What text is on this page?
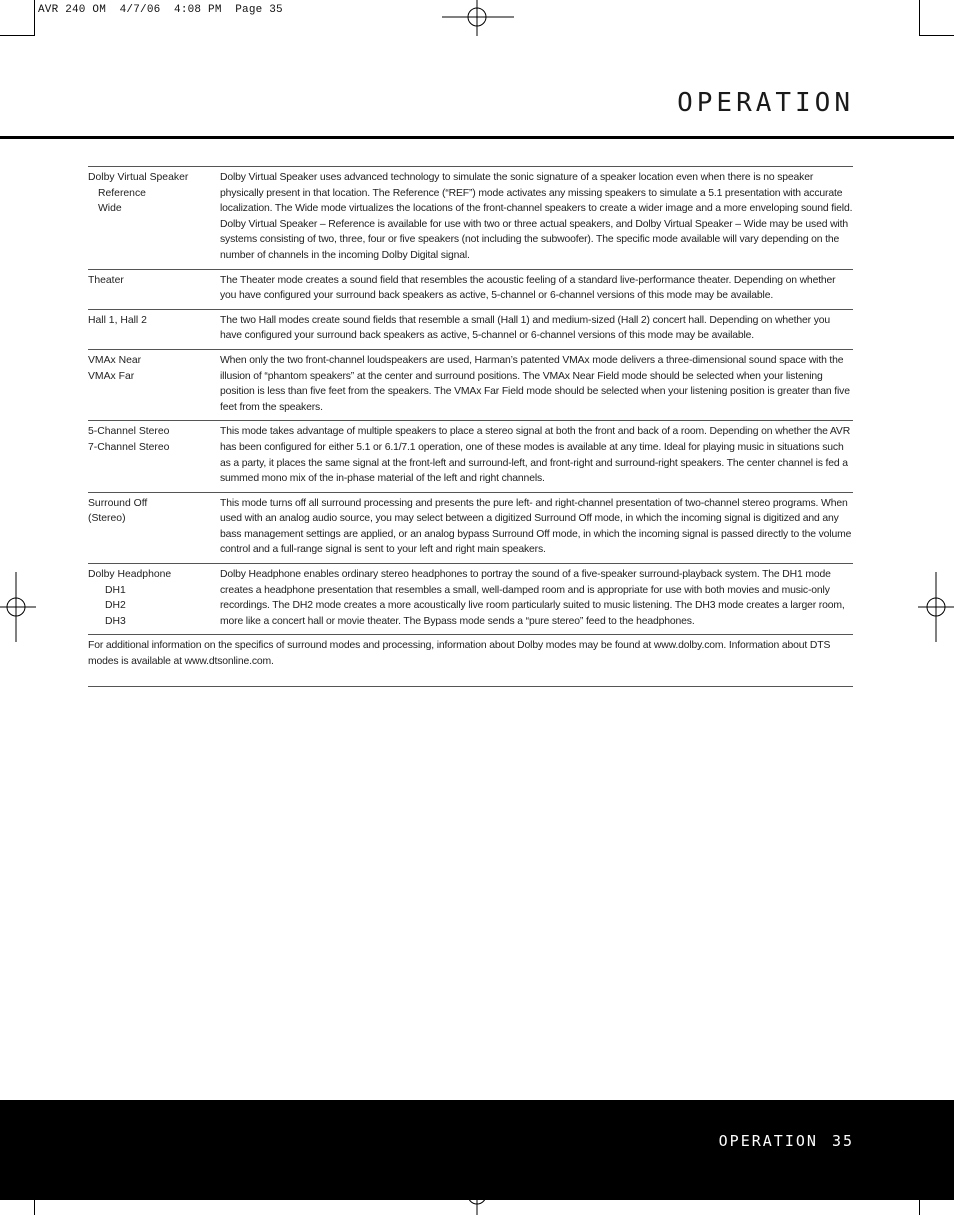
AVR 240 OM  4/7/06  4:08 PM  Page 35
OPERATION
Dolby Virtual Speaker
Reference
Wide
Dolby Virtual Speaker uses advanced technology to simulate the sonic signature of a speaker location even when there is no speaker physically present in that location. The Reference (“REF”) mode activates any missing speakers to simulate a 5.1 presentation with accurate localization. The Wide mode virtualizes the locations of the front-channel speakers to create a wider image and a more enveloping sound field. Dolby Virtual Speaker – Reference is available for use with two or three actual speakers, and Dolby Virtual Speaker – Wide may be used with systems consisting of two, three, four or five speakers (not including the subwoofer). The specific mode available will vary depending on the number of channels in the incoming Dolby Digital signal.
Theater	The Theater mode creates a sound field that resembles the acoustic feeling of a standard live-performance theater. Depending on whether you have configured your surround back speakers as active, 5-channel or 6-channel versions of this mode may be available.
Hall 1, Hall 2	The two Hall modes create sound fields that resemble a small (Hall 1) and medium-sized (Hall 2) concert hall. Depending on whether you have configured your surround back speakers as active, 5-channel or 6-channel versions of this mode may be available.
VMAx Near
VMAx Far
When only the two front-channel loudspeakers are used, Harman’s patented VMAx mode delivers a three-dimensional sound space with the illusion of “phantom speakers” at the center and surround positions. The VMAx Near Field mode should be selected when your listening position is less than five feet from the speakers. The VMAx Far Field mode should be selected when your listening position is greater than five feet from the speakers.
5-Channel Stereo
7-Channel Stereo
This mode takes advantage of multiple speakers to place a stereo signal at both the front and back of a room. Depending on whether the AVR has been configured for either 5.1 or 6.1/7.1 operation, one of these modes is available at any time. Ideal for playing music in situations such as a party, it places the same signal at the front-left and surround-left, and front-right and surround-right speakers. The center channel is fed a summed mono mix of the in-phase material of the left and right channels.
Surround Off
(Stereo)
This mode turns off all surround processing and presents the pure left- and right-channel presentation of two-channel stereo programs. When used with an analog audio source, you may select between a digitized Surround Off mode, in which the incoming signal is digitized and any bass management settings are applied, or an analog bypass Surround Off mode, in which the incoming signal is passed directly to the volume control and a full-range signal is sent to your left and right main speakers.
Dolby Headphone
DH1
DH2
DH3
Dolby Headphone enables ordinary stereo headphones to portray the sound of a five-speaker surround-playback system. The DH1 mode creates a headphone presentation that resembles a small, well-damped room and is appropriate for use with both movies and music-only recordings. The DH2 mode creates a more acoustically live room particularly suited to music listening. The DH3 mode creates a larger room, more like a concert hall or movie theater. The Bypass mode sends a “pure stereo” feed to the headphones.
For additional information on the specifics of surround modes and processing, information about Dolby modes may be found at www.dolby.com. Information about DTS modes is available at www.dtsonline.com.
OPERATION 35
